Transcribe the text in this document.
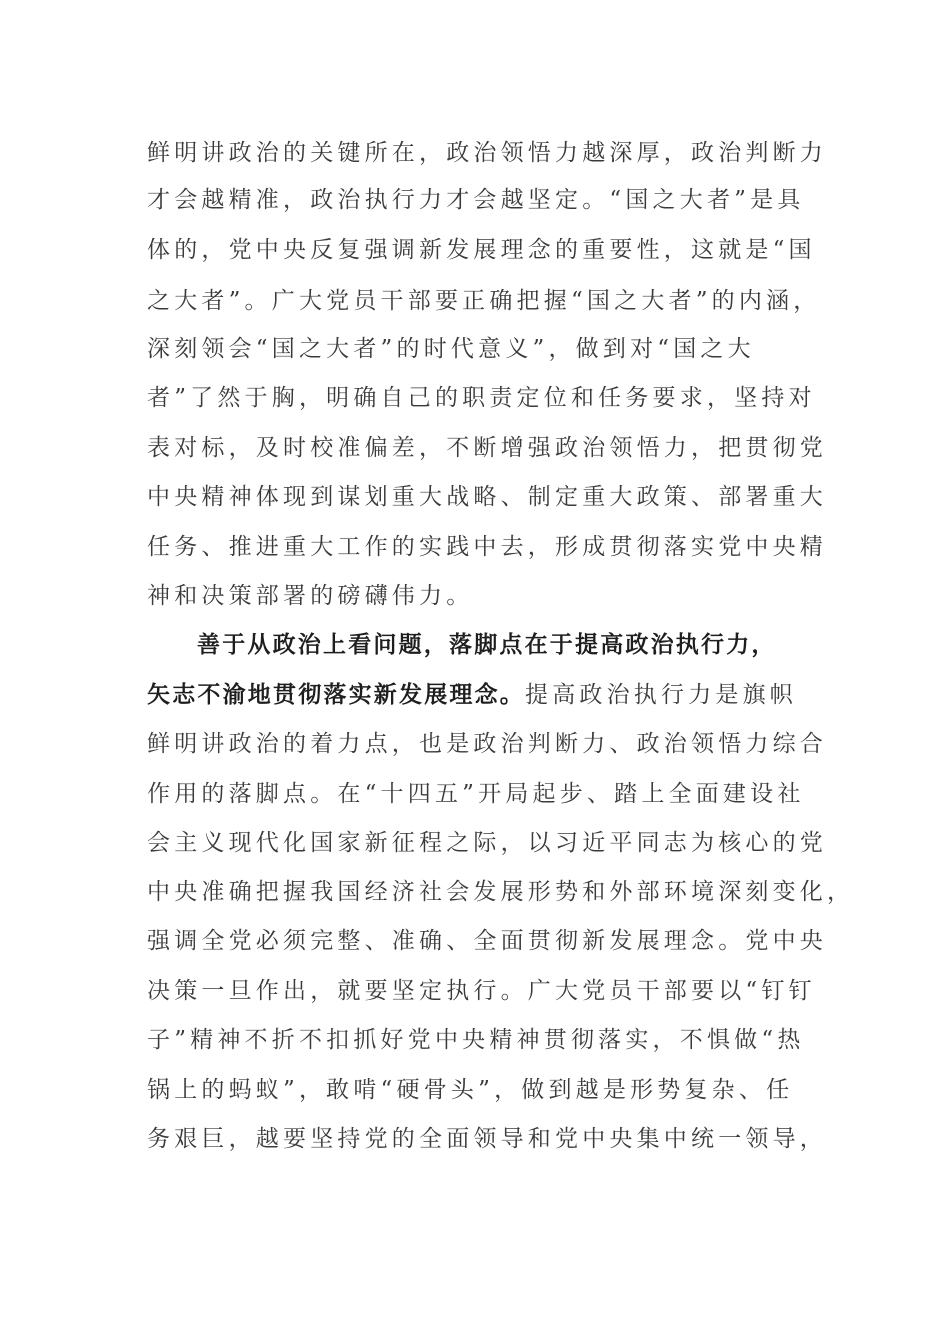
鲜明讲政治的关键所在，政治领悟力越深厚，政治判断力
才会越精准，政治执行力才会越坚定。“国之大者”是具
体的，党中央反复强调新发展理念的重要性，这就是“国
之大者”。广大党员干部要正确把握“国之大者”的内涵，
深刻领会“国之大者”的时代意义”，做到对“国之大
者”了然于胸，明确自己的职责定位和任务要求，坚持对
表对标，及时校准偏差，不断增强政治领悟力，把贯彻党
中央精神体现到谋划重大战略、制定重大政策、部署重大
任务、推进重大工作的实践中去，形成贯彻落实党中央精
神和决策部署的磅礴伟力。
善于从政治上看问题，落脚点在于提高政治执行力，
矢志不渝地贯彻落实新发展理念。提高政治执行力是旗帜
鲜明讲政治的着力点，也是政治判断力、政治领悟力综合
作用的落脚点。在“十四五”开局起步、踏上全面建设社
会主义现代化国家新征程之际，以习近平同志为核心的党
中央准确把握我国经济社会发展形势和外部环境深刻变化，
强调全党必须完整、准确、全面贯彻新发展理念。党中央
决策一旦作出，就要坚定执行。广大党员干部要以“钉钉
子”精神不折不扣抓好党中央精神贯彻落实，不惧做“热
锅上的蚂蚁”，敢啃“硬骨头”，做到越是形势复杂、任
务艰巨，越要坚持党的全面领导和党中央集中统一领导，
